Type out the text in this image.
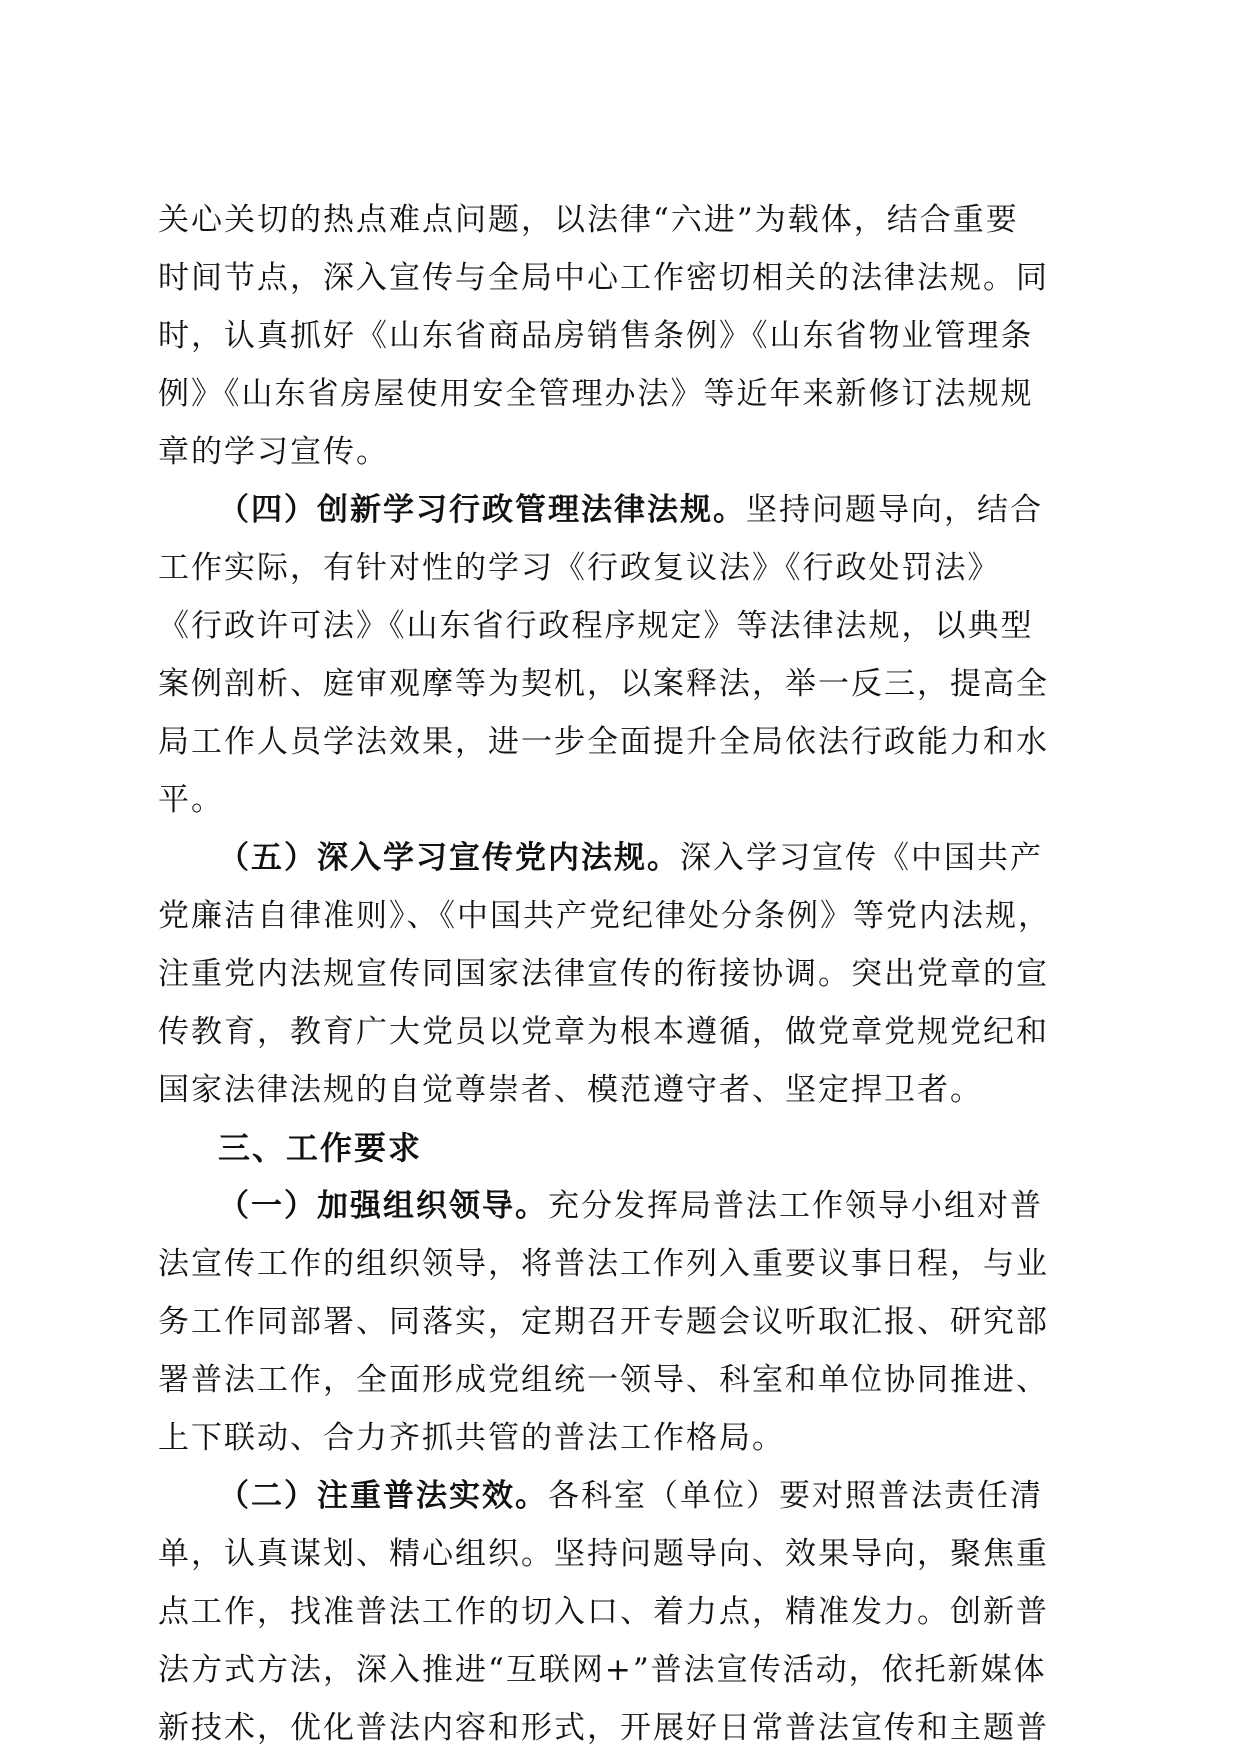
关心关切的热点难点问题，以法律“六进”为载体，结合重要
时间节点，深入宣传与全局中心工作密切相关的法律法规。同
时，认真抓好《山东省商品房销售条例》《山东省物业管理条
例》《山东省房屋使用安全管理办法》等近年来新修订法规规
章的学习宣传。
（四）创新学习行政管理法律法规。坚持问题导向，结合
工作实际，有针对性的学习《行政复议法》《行政处罚法》
《行政许可法》《山东省行政程序规定》等法律法规，以典型
案例剖析、庭审观摩等为契机，以案释法，举一反三，提高全
局工作人员学法效果，进一步全面提升全局依法行政能力和水
平。
（五）深入学习宣传党内法规。深入学习宣传《中国共产
党廉洁自律准则》、《中国共产党纪律处分条例》等党内法规，
注重党内法规宣传同国家法律宣传的衔接协调。突出党章的宣
传教育，教育广大党员以党章为根本遵循，做党章党规党纪和
国家法律法规的自觉尊崇者、模范遵守者、坚定捍卫者。
三、工作要求
（一）加强组织领导。充分发挥局普法工作领导小组对普
法宣传工作的组织领导，将普法工作列入重要议事日程，与业
务工作同部署、同落实，定期召开专题会议听取汇报、研究部
署普法工作，全面形成党组统一领导、科室和单位协同推进、
上下联动、合力齐抓共管的普法工作格局。
（二）注重普法实效。各科室（单位）要对照普法责任清
单，认真谋划、精心组织。坚持问题导向、效果导向，聚焦重
点工作，找准普法工作的切入口、着力点，精准发力。创新普
法方式方法，深入推进“互联网+”普法宣传活动，依托新媒体
新技术，优化普法内容和形式，开展好日常普法宣传和主题普
